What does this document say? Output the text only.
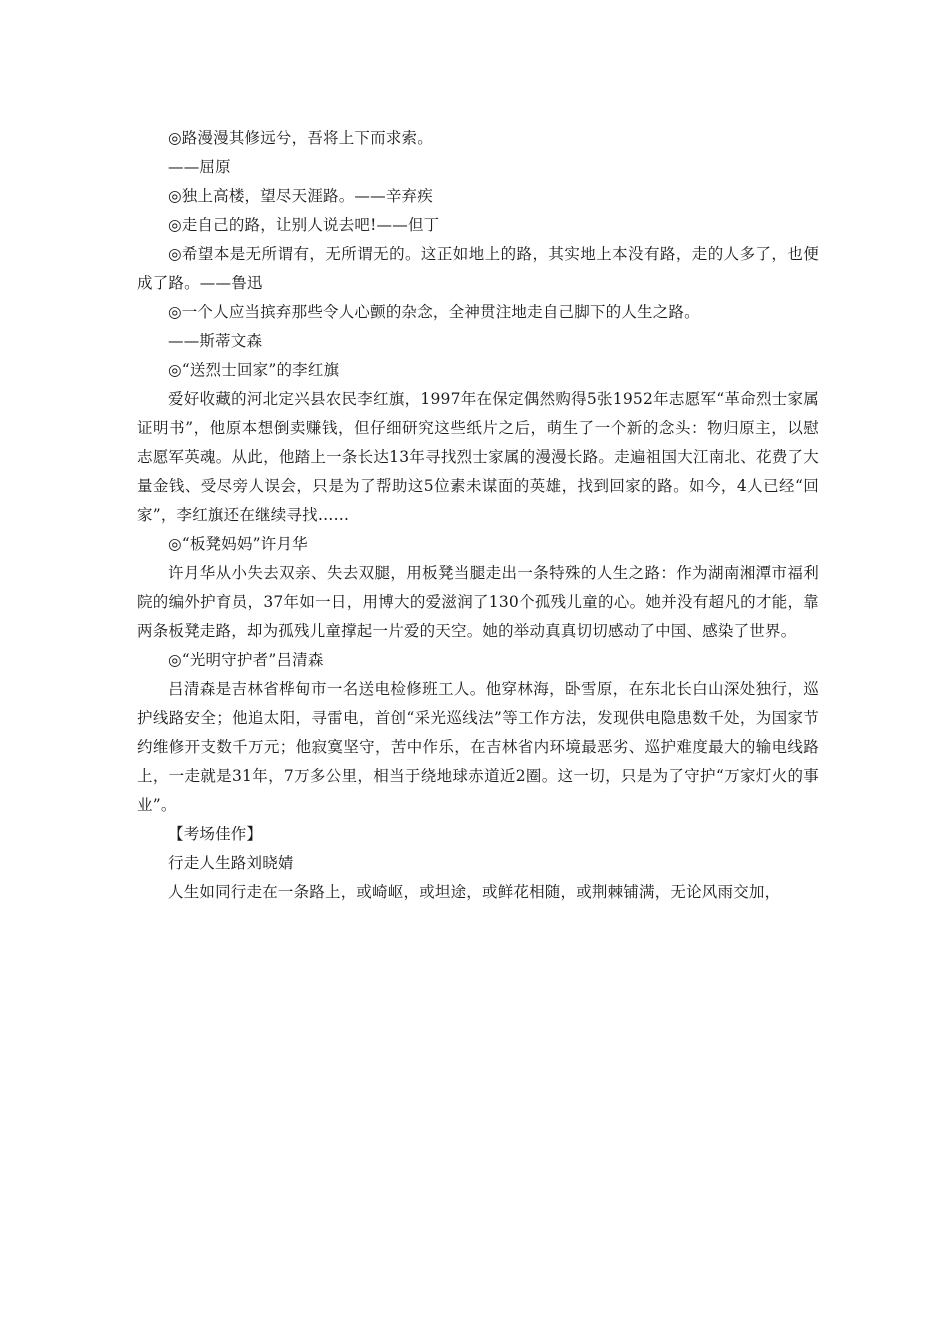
◎路漫漫其修远兮，吾将上下而求索。

——屈原

◎独上高楼，望尽天涯路。——辛弃疾

◎走自己的路，让别人说去吧!——但丁

◎希望本是无所谓有，无所谓无的。这正如地上的路，其实地上本没有路，走的人多了，也便成了路。——鲁迅

◎一个人应当摈弃那些令人心颤的杂念，全神贯注地走自己脚下的人生之路。

——斯蒂文森

◎“送烈士回家”的李红旗

爱好收藏的河北定兴县农民李红旗，1997年在保定偶然购得5张1952年志愿军“革命烈士家属证明书”，他原本想倒卖赚钱，但仔细研究这些纸片之后，萌生了一个新的念头：物归原主，以慰志愿军英魂。从此，他踏上一条长达13年寻找烈士家属的漫漫长路。走遍祖国大江南北、花费了大量金钱、受尽旁人误会，只是为了帮助这5位素未谋面的英雄，找到回家的路。如今，4人已经“回家”，李红旗还在继续寻找……

◎“板凳妈妈”许月华

许月华从小失去双亲、失去双腿，用板凳当腿走出一条特殊的人生之路：作为湖南湘潭市福利院的编外护育员，37年如一日，用博大的爱滋润了130个孤残儿童的心。她并没有超凡的才能，靠两条板凳走路，却为孤残儿童撑起一片爱的天空。她的举动真真切切感动了中国、感染了世界。

◎“光明守护者”吕清森

吕清森是吉林省桦甸市一名送电检修班工人。他穿林海，卧雪原，在东北长白山深处独行，巡护线路安全；他追太阳，寻雷电，首创“采光巡线法”等工作方法，发现供电隐患数千处，为国家节约维修开支数千万元；他寂寞坚守，苦中作乐，在吉林省内环境最恶劣、巡护难度最大的输电线路上，一走就是31年，7万多公里，相当于绕地球赤道近2圈。这一切，只是为了守护“万家灯火的事业”。

【考场佳作】

行走人生路刘晓婧

人生如同行走在一条路上，或崎岖，或坦途，或鲜花相随，或荆棘铺满，无论风雨交加，
